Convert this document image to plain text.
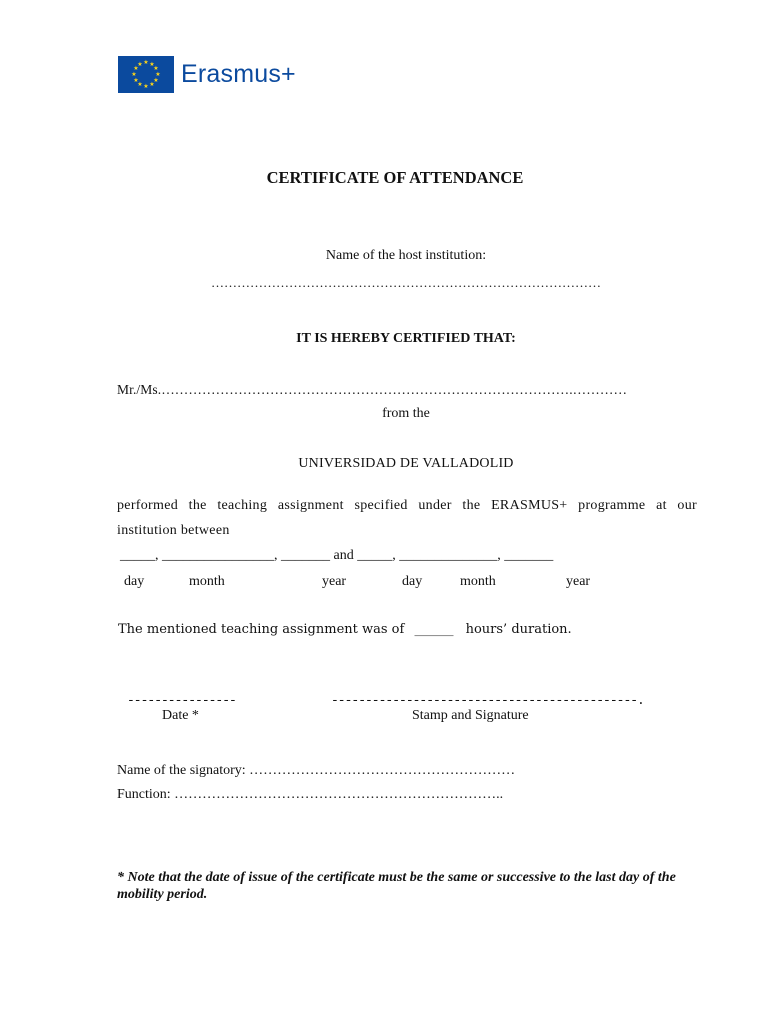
★ ★
★
★
★
★
★
★
★
★
★
★ Erasmus+
CERTIFICATE OF ATTENDANCE
Name of the host institution:
………………………………………………………………………………
IT IS HEREBY CERTIFIED THAT:
Mr./Ms.……………………………………………………………………………….…………
from the
UNIVERSIDAD DE VALLADOLID
performed the teaching assignment specified under the ERASMUS+ programme at our
institution between
_____, ________________, _______ and _____, ______________, _______
day	month	year	day	month	year
The mentioned teaching assignment was of ______ hours’ duration.
----------------	---------------------------------------------.
Date *	Stamp and Signature
Name of the signatory: …………………………………………………
Function: ……………………………………………………………..
* Note that the date of issue of the certificate must be the same or successive to the last day of the mobility period.
